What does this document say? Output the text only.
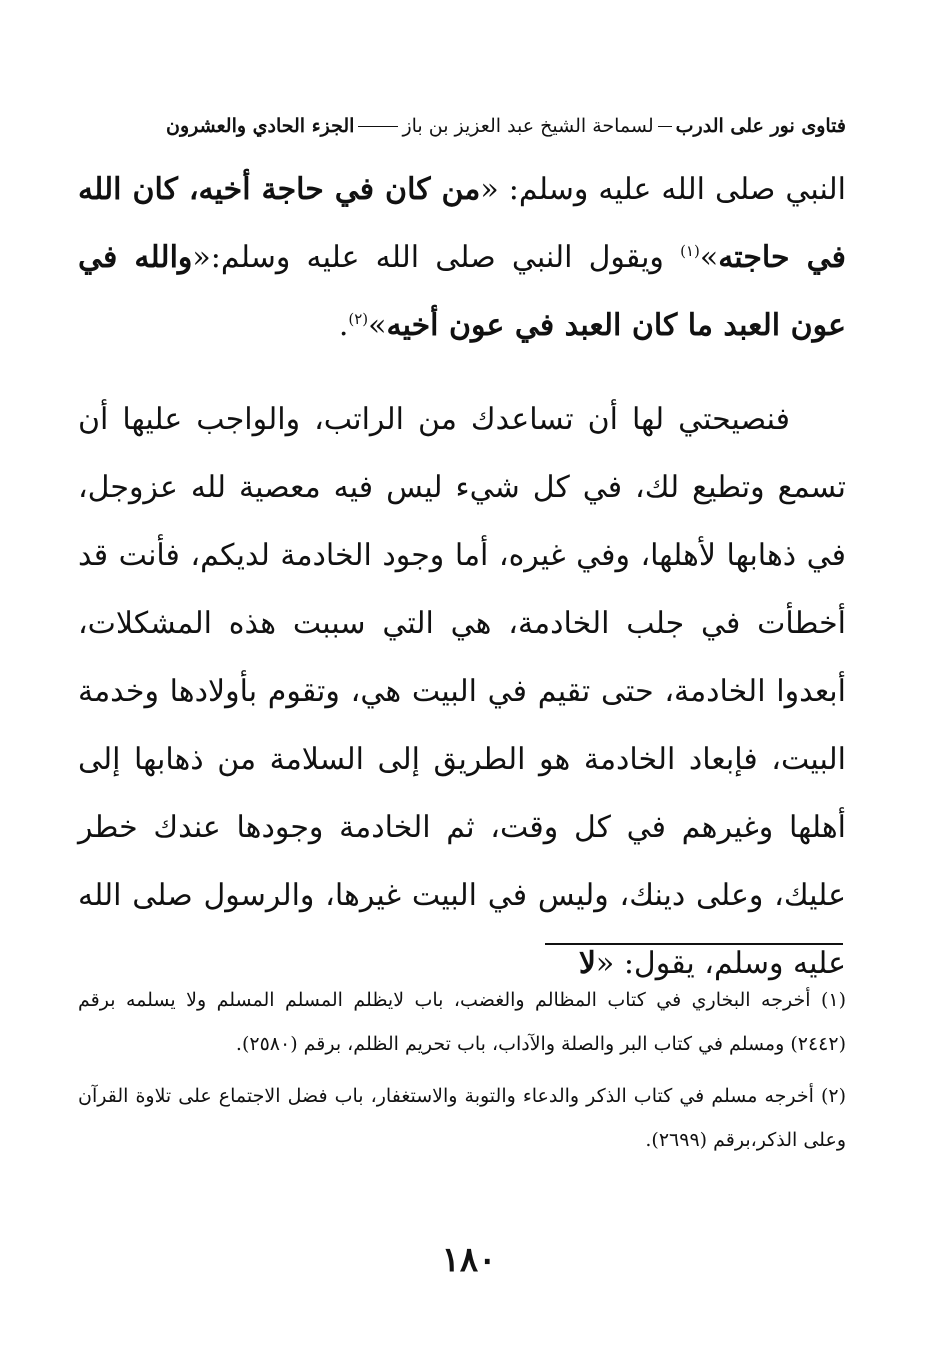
فتاوى نور على الدرب
لسماحة الشيخ عبد العزيز بن باز
الجزء الحادي والعشرون

النبي صلى الله عليه وسلم: «من كان في حاجة أخيه، كان الله في حاجته»$^{(١)}$ ويقول النبي صلى الله عليه وسلم:«والله في عون العبد ما كان العبد في عون أخيه»$^{(٢)}$.

فنصيحتي لها أن تساعدك من الراتب، والواجب عليها أن تسمع وتطيع لك، في كل شيء ليس فيه معصية لله عزوجل، في ذهابها لأهلها، وفي غيره، أما وجود الخادمة لديكم، فأنت قد أخطأت في جلب الخادمة، هي التي سببت هذه المشكلات، أبعدوا الخادمة، حتى تقيم في البيت هي، وتقوم بأولادها وخدمة البيت، فإبعاد الخادمة هو الطريق إلى السلامة من ذهابها إلى أهلها وغيرهم في كل وقت، ثم الخادمة وجودها عندك خطر عليك، وعلى دينك، وليس في البيت غيرها، والرسول صلى الله عليه وسلم، يقول: «لا

(١) أخرجه البخاري في كتاب المظالم والغضب، باب لايظلم المسلم المسلم ولا يسلمه برقم (٢٤٤٢) ومسلم في كتاب البر والصلة والآداب، باب تحريم الظلم، برقم (٢٥٨٠).

(٢) أخرجه مسلم في كتاب الذكر والدعاء والتوبة والاستغفار، باب فضل الاجتماع على تلاوة القرآن وعلى الذكر،برقم (٢٦٩٩).

١٨٠
